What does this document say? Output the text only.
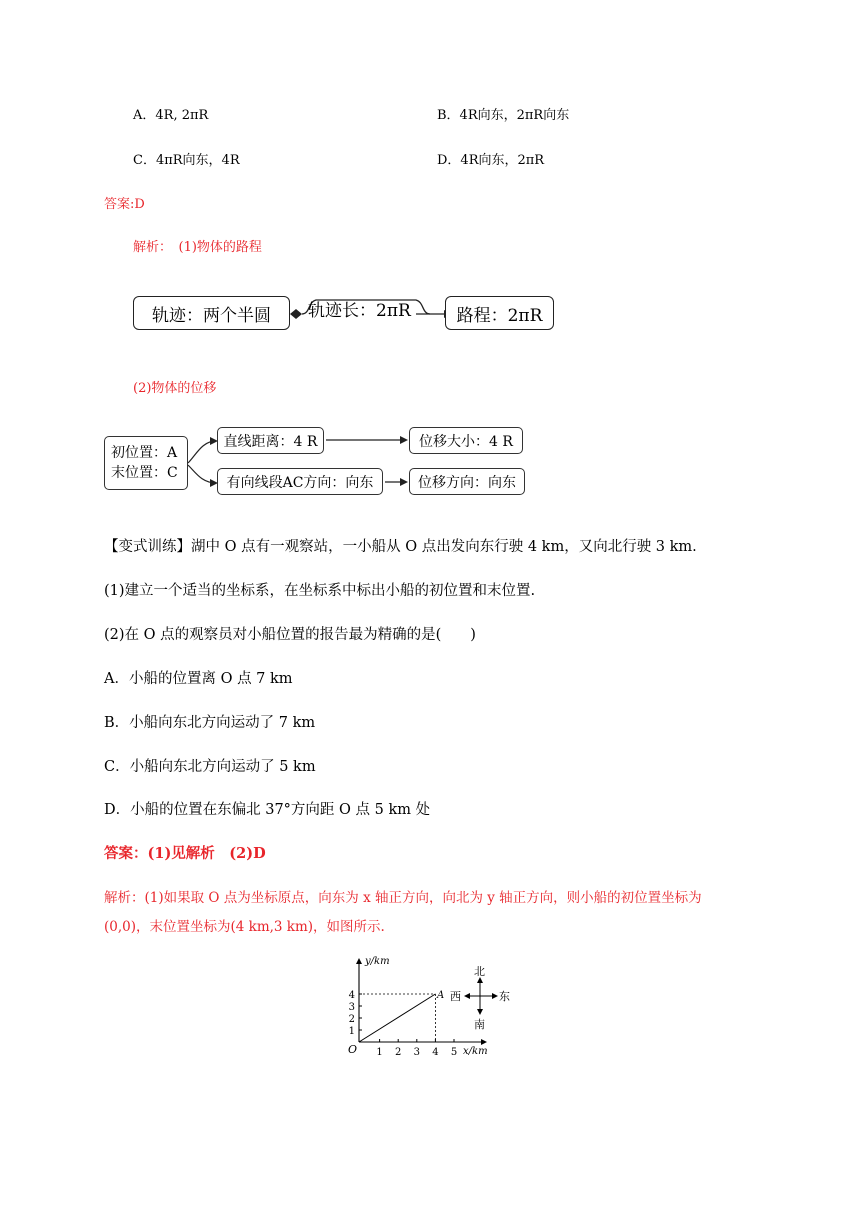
A．4R, 2πR	B．4R向东，2πR向东
C．4πR向东，4R	D．4R向东，2πR
答案:D
解析：　(1)物体的路程
轨迹：两个半圆	轨迹长：2πR	路程：2πR
(2)物体的位移
初位置：A
末位置：C
直线距离：4 R	位移大小：4 R
有向线段AC方向：向东	位移方向：向东
【变式训练】湖中 O 点有一观察站，一小船从 O 点出发向东行驶 4 km，又向北行驶 3 km.
(1)建立一个适当的坐标系，在坐标系中标出小船的初位置和末位置.
(2)在 O 点的观察员对小船位置的报告最为精确的是(　　)
A．小船的位置离 O 点 7 km
B．小船向东北方向运动了 7 km
C．小船向东北方向运动了 5 km
D．小船的位置在东偏北 37°方向距 O 点 5 km 处
答案：(1)见解析　(2)D
解析：(1)如果取 O 点为坐标原点，向东为 x 轴正方向，向北为 y 轴正方向，则小船的初位置坐标为
(0,0)，末位置坐标为(4 km,3 km)，如图所示.
1 2 3 4 5
1
2
3
4
O
y/km
x/km
A
北
南
西	东
